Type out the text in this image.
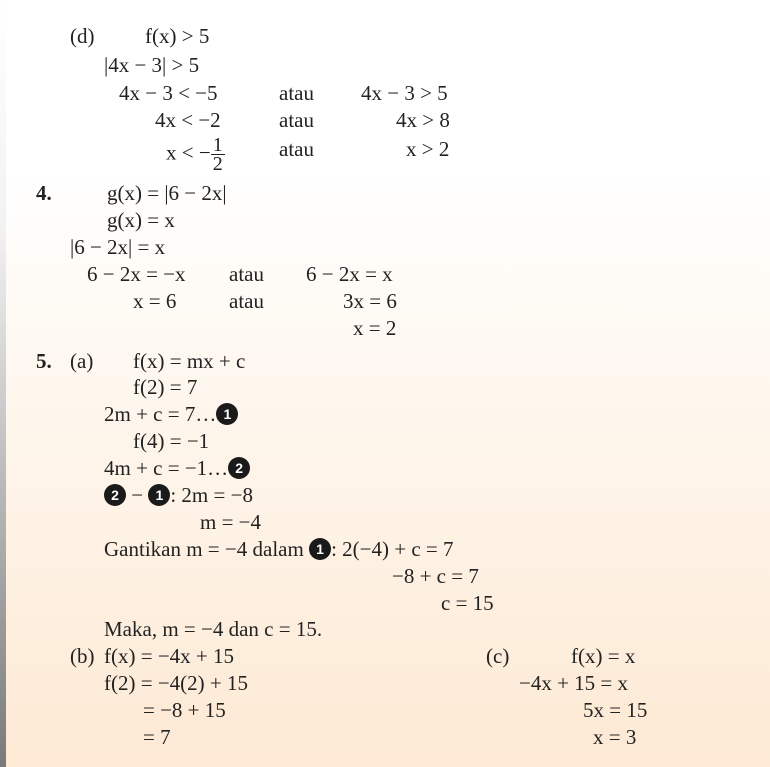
(d) f(x) > 5
|4x − 3| > 5
4x − 3 < −5	atau 4x − 3 > 5
4x < −2	atau	4x > 8
x < − $\frac{1}{2}$	atau	x > 2
4.	g(x) = |6 − 2x|
g(x) = x
|6 − 2x| = x
6 − 2x = −x atau 6 − 2x = x
x = 6	atau	3x = 6
x = 2
5. (a) f(x) = mx + c
f(2) = 7
2m + c = 7… 1
f(4) = −1
4m + c = −1… 2
2 − 1 : 2m = −8
m = −4
Gantikan m = −4 dalam 1 : 2(−4) + c = 7
−8 + c = 7
c = 15
Maka, m = −4 dan c = 15.
(b) f(x) = −4x + 15
f(2) = −4(2) + 15
= −8 + 15
= 7
(c)	f(x) = x
−4x + 15 = x
5x = 15
x = 3
